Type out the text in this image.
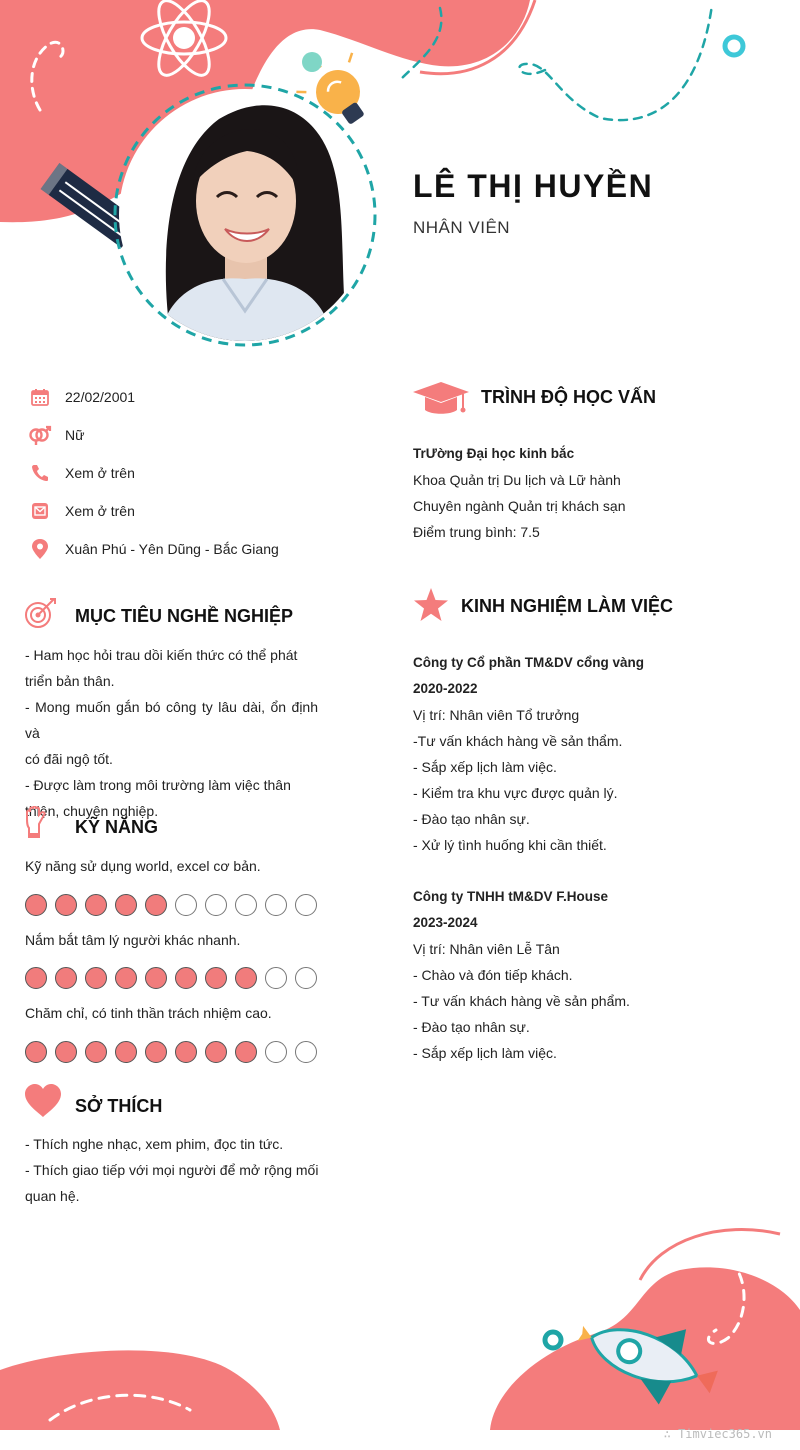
LÊ THỊ HUYỀN
NHÂN VIÊN
22/02/2001
Nữ
Xem ở trên
Xem ở trên
Xuân Phú - Yên Dũng - Bắc Giang
MỤC TIÊU NGHỀ NGHIỆP
- Ham học hỏi trau dồi kiến thức có thể phát
triển bản thân.
- Mong muốn gắn bó công ty lâu dài, ổn định và
có đãi ngộ tốt.
- Được làm trong môi trường làm việc thân
thiện, chuyên nghiệp.
KỸ NĂNG
Kỹ năng sử dụng world, excel cơ bản.
Nắm bắt tâm lý người khác nhanh.
Chăm chỉ, có tinh thần trách nhiệm cao.
SỞ THÍCH
- Thích nghe nhạc, xem phim, đọc tin tức.
- Thích giao tiếp với mọi người để mở rộng mối
quan hệ.
TRÌNH ĐỘ HỌC VẤN
TrƯờng Đại học kinh bắc
Khoa Quản trị Du lịch và Lữ hành
Chuyên ngành Quản trị khách sạn
Điểm trung bình: 7.5
KINH NGHIỆM LÀM VIỆC
Công ty Cổ phần TM&DV cổng vàng
2020-2022
Vị trí: Nhân viên Tổ trưởng
-Tư vấn khách hàng về sản thẩm.
- Sắp xếp lịch làm việc.
- Kiểm tra khu vực được quản lý.
- Đào tạo nhân sự.
- Xử lý tình huống khi cần thiết.
Công ty TNHH tM&DV F.House
2023-2024
Vị trí: Nhân viên Lễ Tân
- Chào và đón tiếp khách.
- Tư vấn khách hàng về sản phẩm.
- Đào tạo nhân sự.
- Sắp xếp lịch làm việc.
∴ Timviec365.vn
